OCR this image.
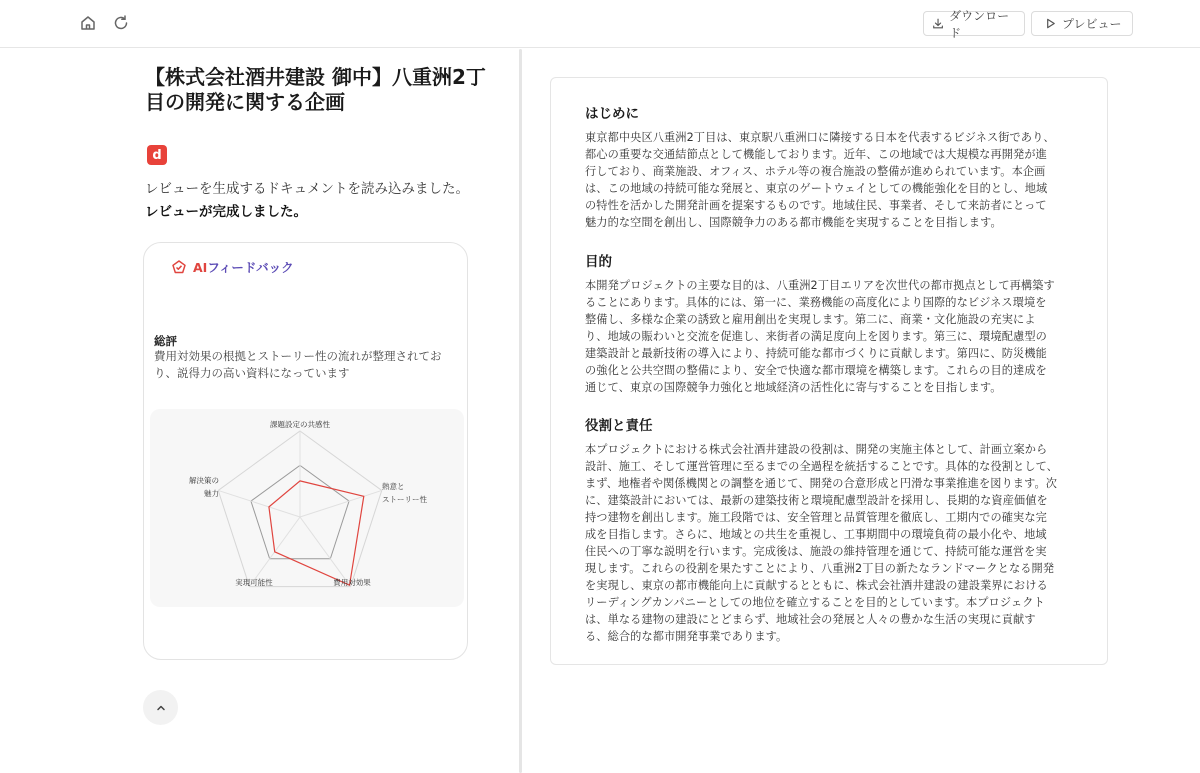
ダウンロード
プレビュー
【株式会社酒井建設 御中】八重洲2丁目の開発に関する企画
d
レビューを生成するドキュメントを読み込みました。
レビューが完成しました。
AIフィードバック
総評
費用対効果の根拠とストーリー性の流れが整理されており、説得力の高い資料になっています
課題設定の共感性
熱意とストーリー性
費用対効果
実現可能性
解決策の魅力
はじめに
東京都中央区八重洲2丁目は、東京駅八重洲口に隣接する日本を代表するビジネス街であり、
都心の重要な交通結節点として機能しております。近年、この地域では大規模な再開発が進
行しており、商業施設、オフィス、ホテル等の複合施設の整備が進められています。本企画
は、この地域の持続可能な発展と、東京のゲートウェイとしての機能強化を目的とし、地域
の特性を活かした開発計画を提案するものです。地域住民、事業者、そして来訪者にとって
魅力的な空間を創出し、国際競争力のある都市機能を実現することを目指します。
目的
本開発プロジェクトの主要な目的は、八重洲2丁目エリアを次世代の都市拠点として再構築す
ることにあります。具体的には、第一に、業務機能の高度化により国際的なビジネス環境を
整備し、多様な企業の誘致と雇用創出を実現します。第二に、商業・文化施設の充実によ
り、地域の賑わいと交流を促進し、来街者の満足度向上を図ります。第三に、環境配慮型の
建築設計と最新技術の導入により、持続可能な都市づくりに貢献します。第四に、防災機能
の強化と公共空間の整備により、安全で快適な都市環境を構築します。これらの目的達成を
通じて、東京の国際競争力強化と地域経済の活性化に寄与することを目指します。
役割と責任
本プロジェクトにおける株式会社酒井建設の役割は、開発の実施主体として、計画立案から
設計、施工、そして運営管理に至るまでの全過程を統括することです。具体的な役割として、
まず、地権者や関係機関との調整を通じて、開発の合意形成と円滑な事業推進を図ります。次
に、建築設計においては、最新の建築技術と環境配慮型設計を採用し、長期的な資産価値を
持つ建物を創出します。施工段階では、安全管理と品質管理を徹底し、工期内での確実な完
成を目指します。さらに、地域との共生を重視し、工事期間中の環境負荷の最小化や、地域
住民への丁寧な説明を行います。完成後は、施設の維持管理を通じて、持続可能な運営を実
現します。これらの役割を果たすことにより、八重洲2丁目の新たなランドマークとなる開発
を実現し、東京の都市機能向上に貢献するとともに、株式会社酒井建設の建設業界における
リーディングカンパニーとしての地位を確立することを目的としています。本プロジェクト
は、単なる建物の建設にとどまらず、地域社会の発展と人々の豊かな生活の実現に貢献す
る、総合的な都市開発事業であります。
